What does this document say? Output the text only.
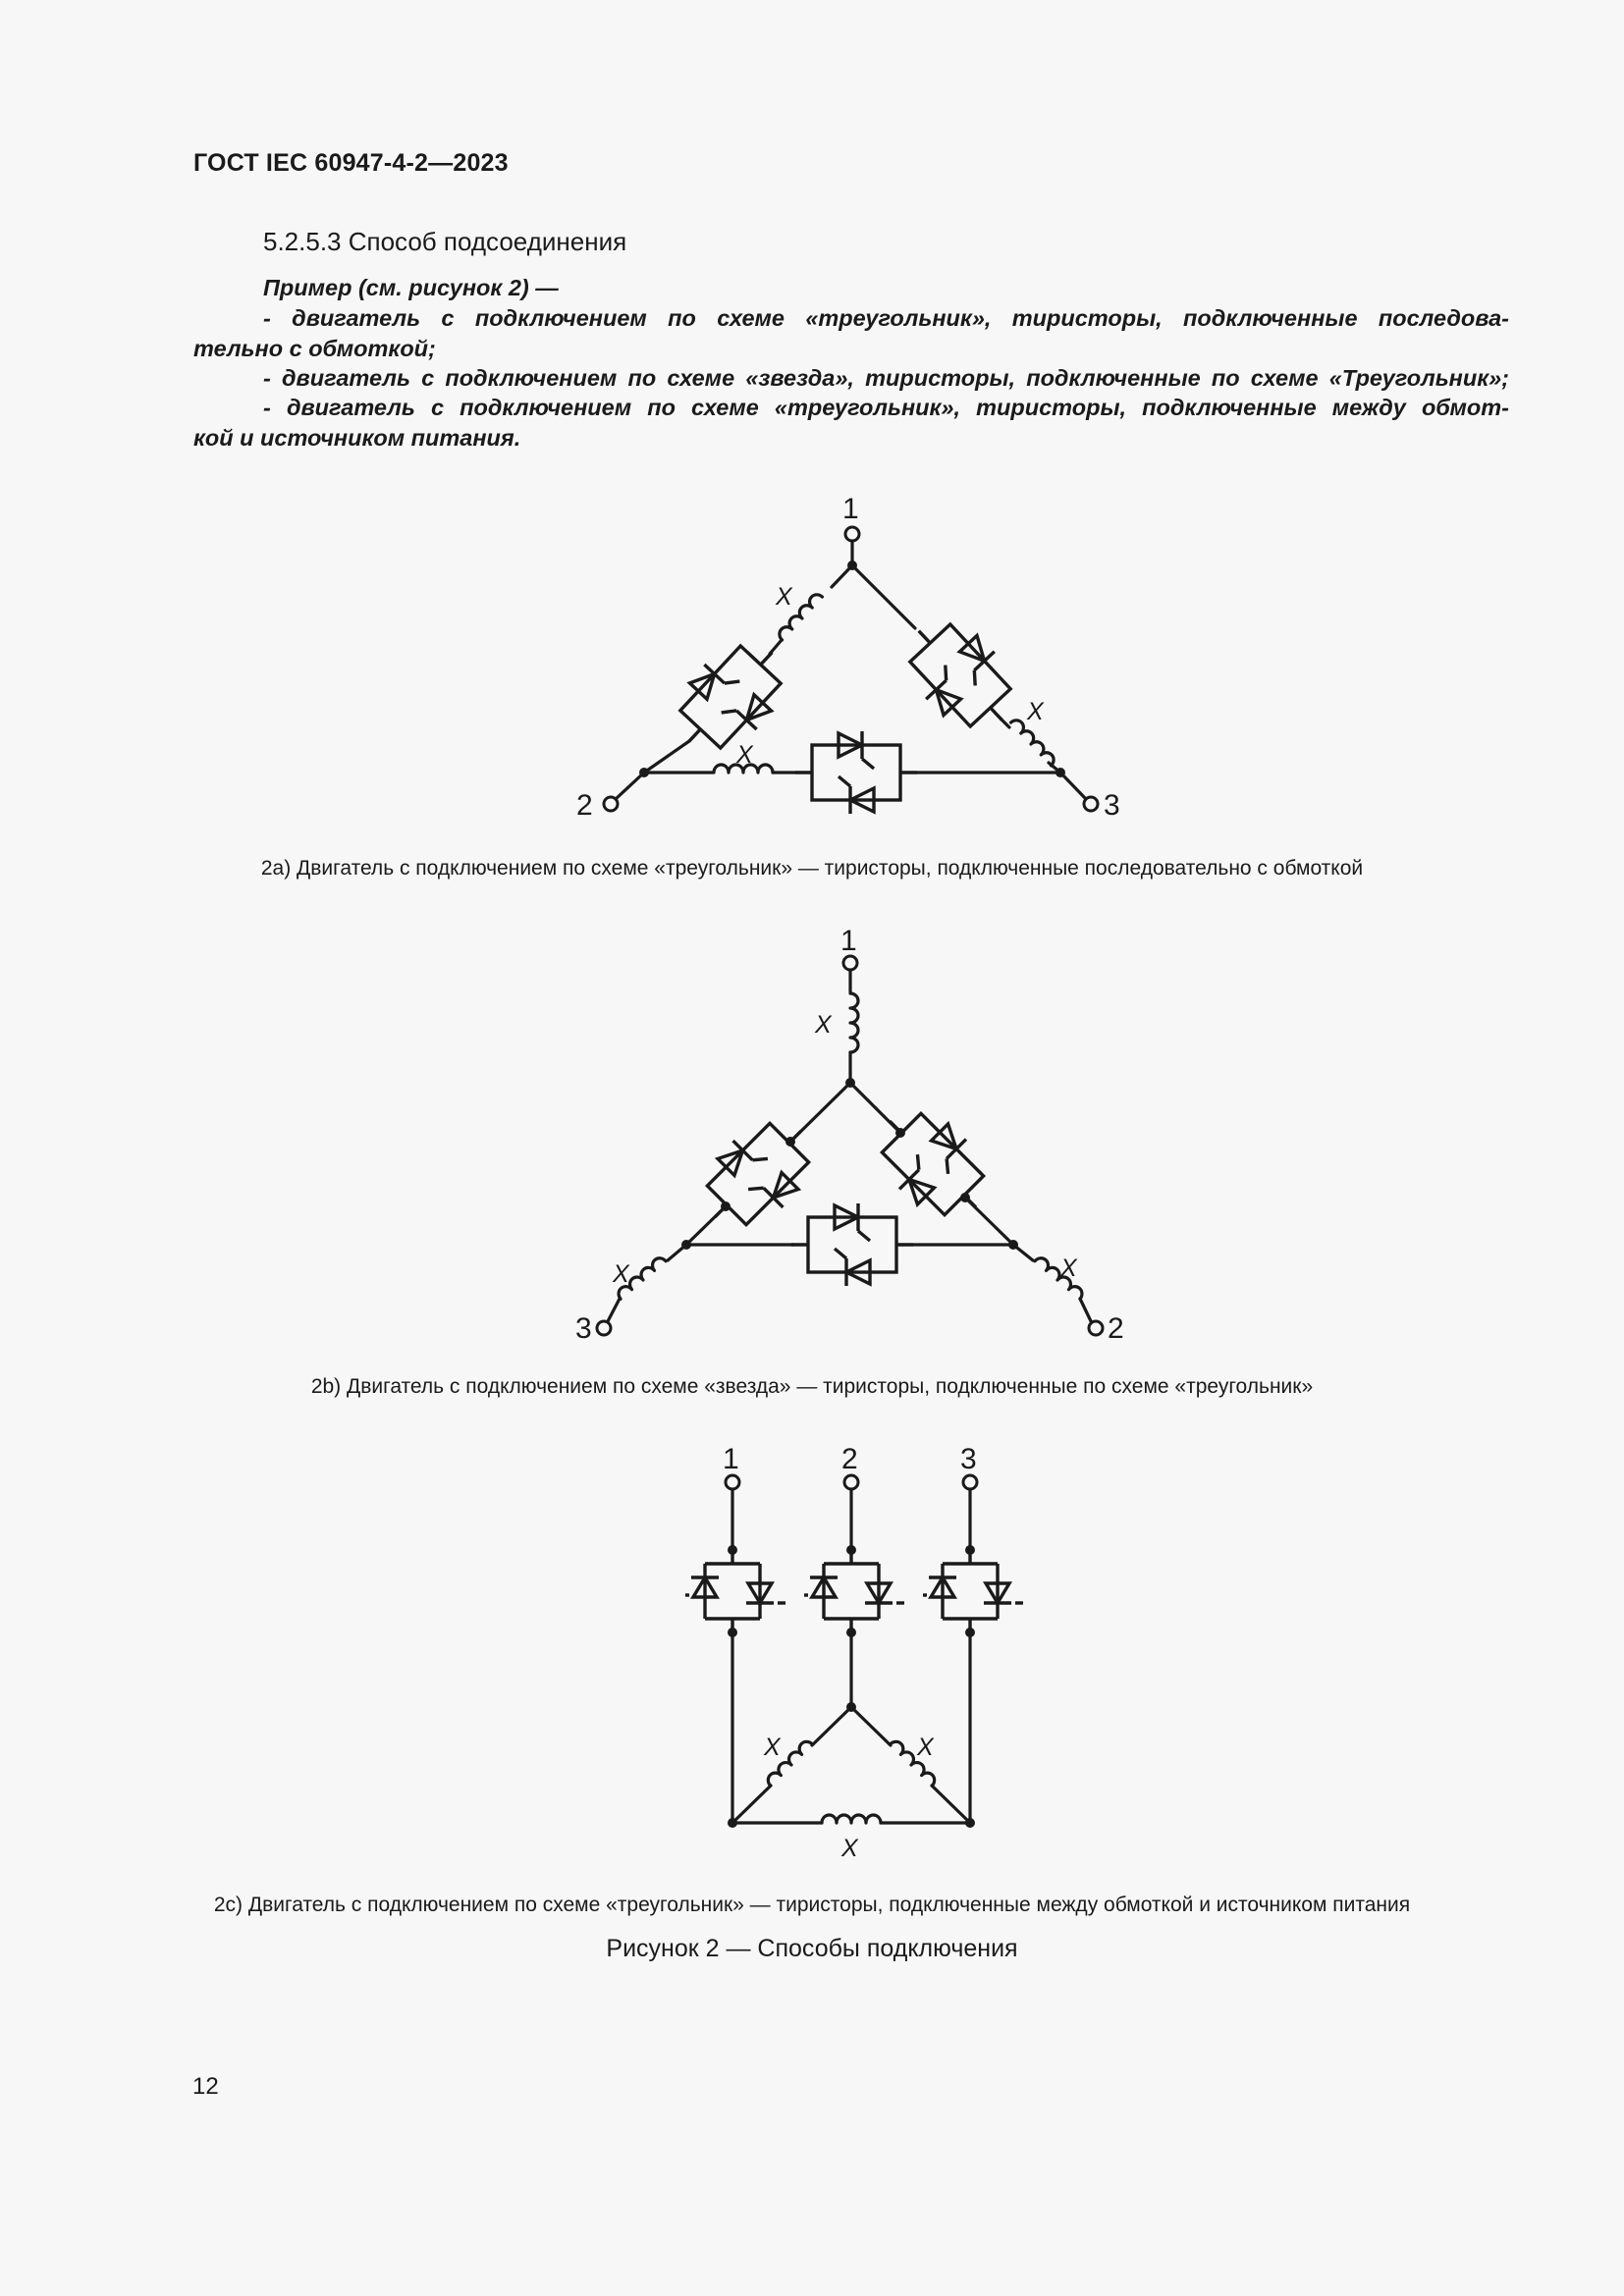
ГОСТ IEC 60947-4-2—2023
5.2.5.3 Способ подсоединения
Пример (см. рисунок 2) —
- двигатель с подключением по схеме «треугольник», тиристоры, подключенные последова-
тельно с обмоткой;
- двигатель с подключением по схеме «звезда», тиристоры, подключенные по схеме «Треугольник»;
- двигатель с подключением по схеме «треугольник», тиристоры, подключенные между обмот-
кой и источником питания.
1
2	3
X
X
X
1
2
3
X
X	X
1	2	3
X	X
X
2a) Двигатель с подключением по схеме «треугольник» — тиристоры, подключенные последовательно с обмоткой
2b) Двигатель с подключением по схеме «звезда» — тиристоры, подключенные по схеме «треугольник»
2c) Двигатель с подключением по схеме «треугольник» — тиристоры, подключенные между обмоткой и источником питания
Рисунок 2 — Способы подключения
12
